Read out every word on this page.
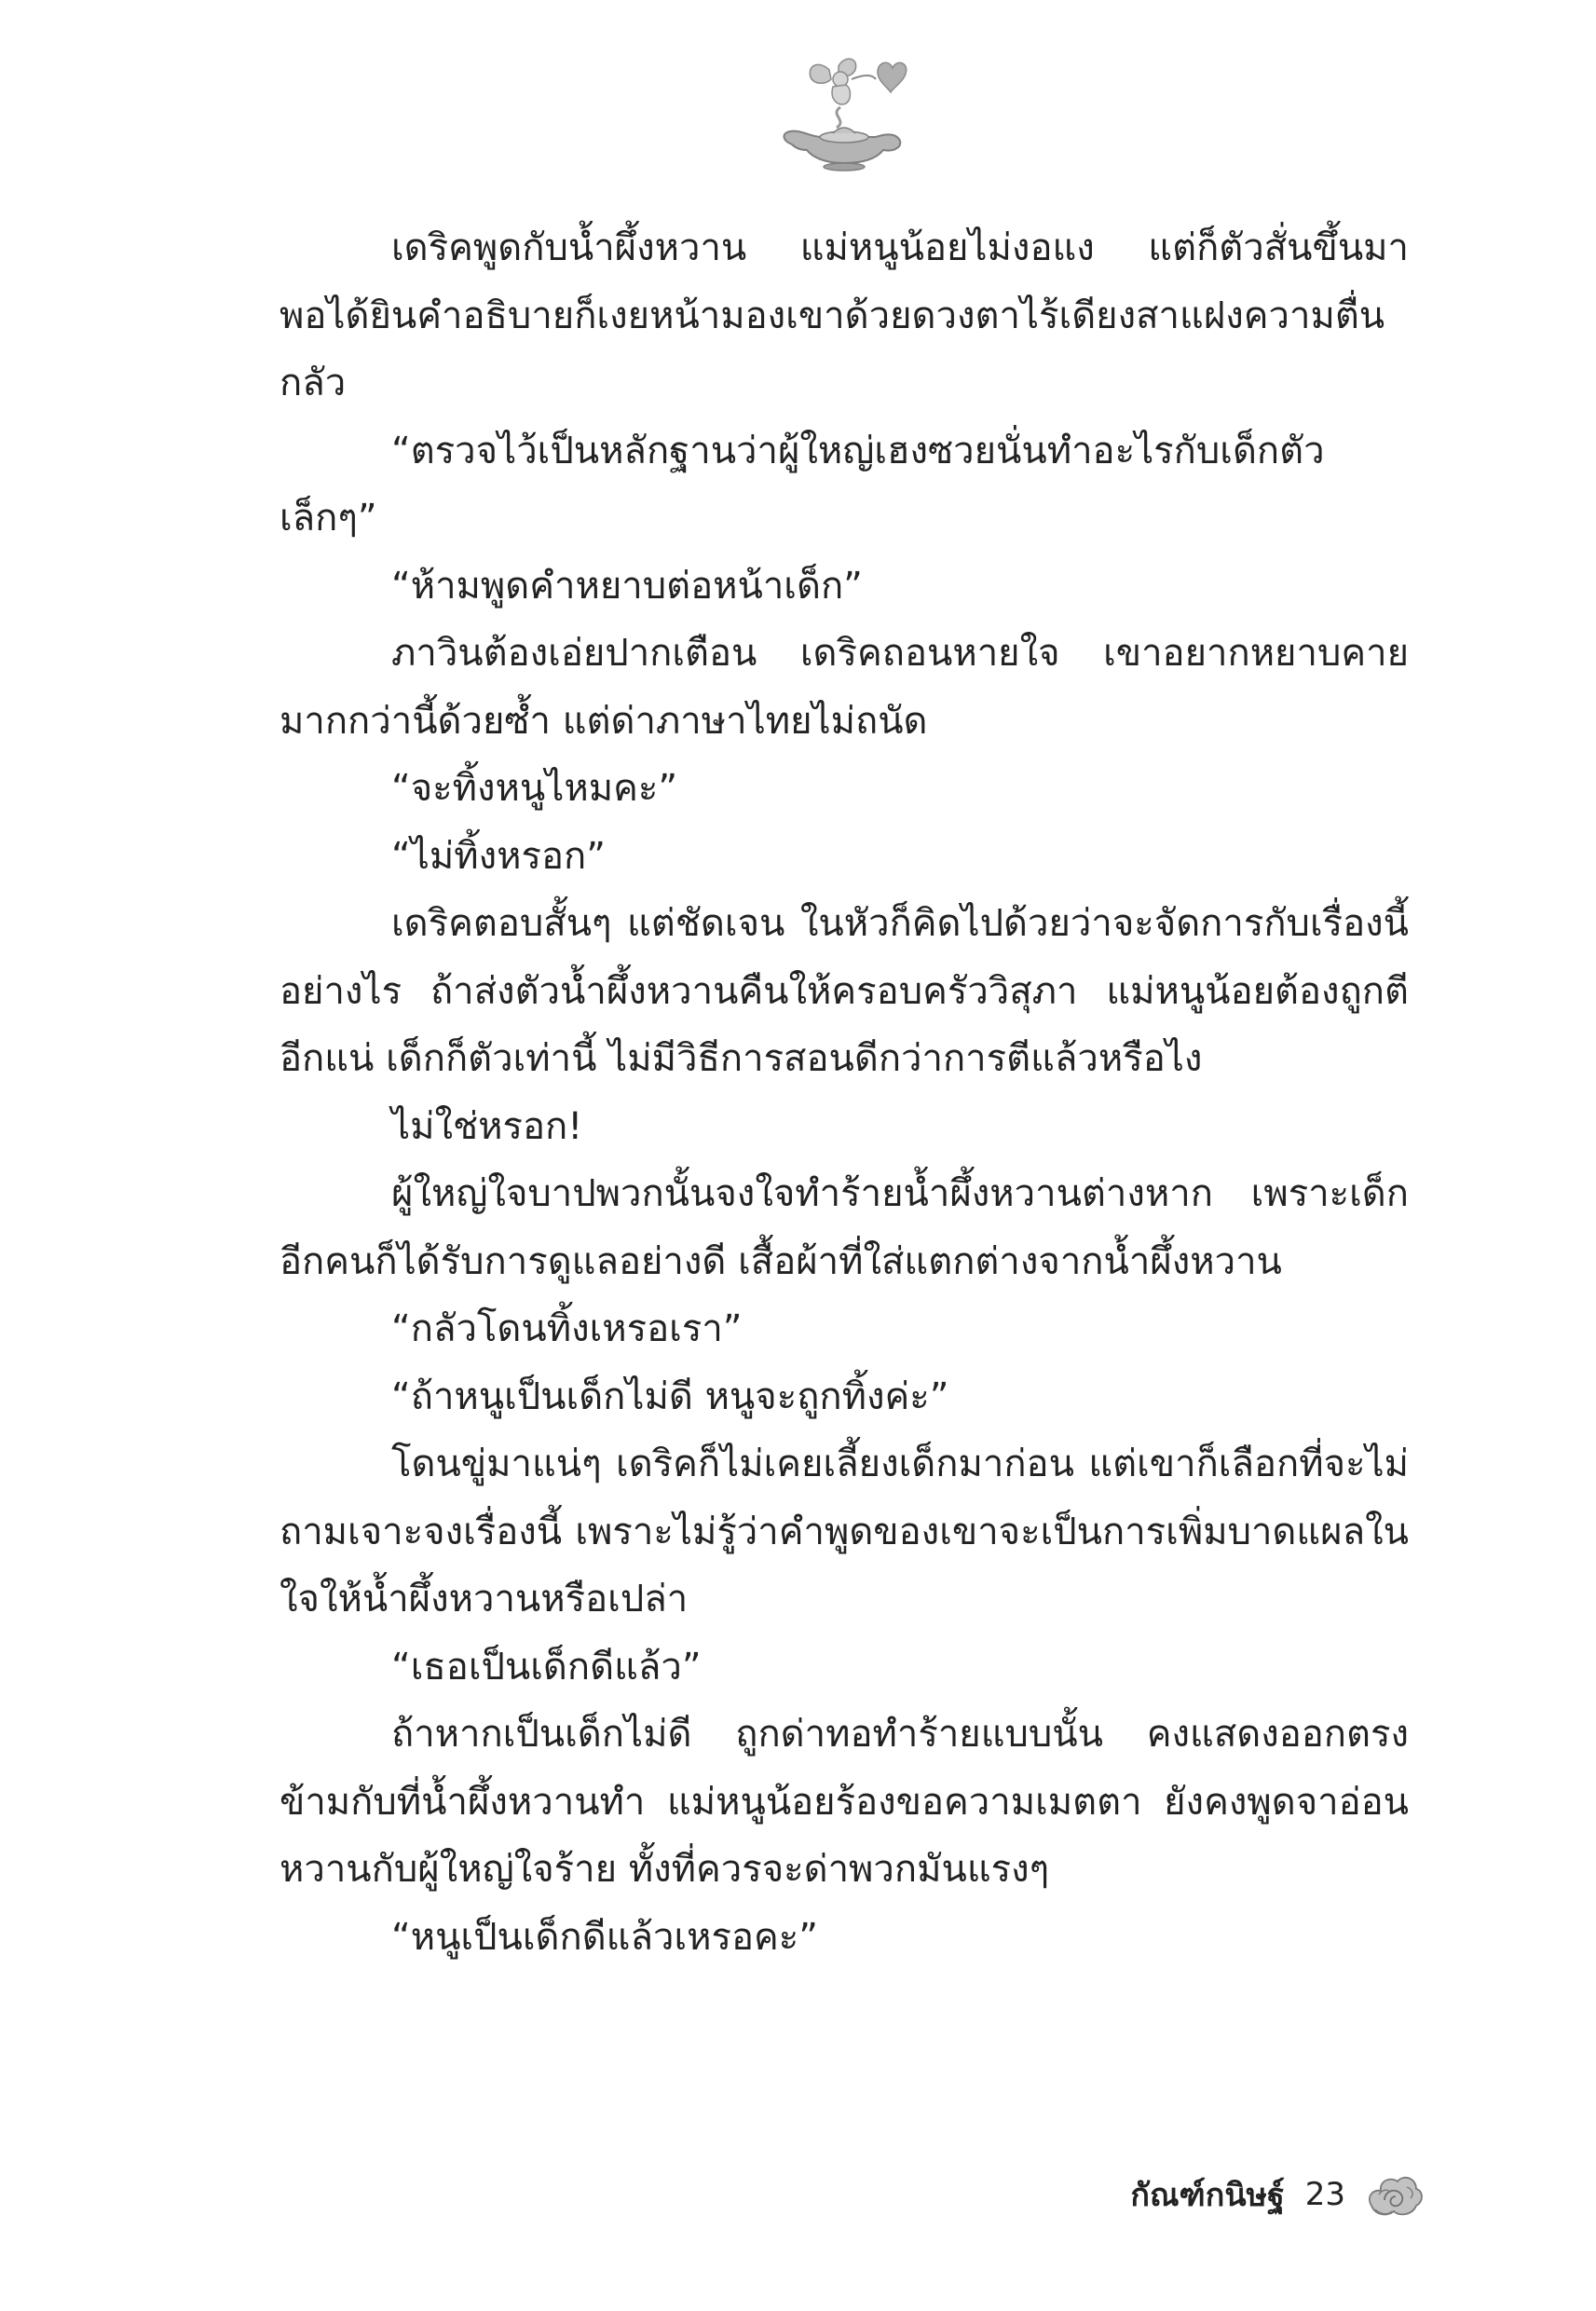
เดริคพูดกับน้ำผึ้งหวาน แม่หนูน้อยไม่งอแง แต่ก็ตัวสั่นขึ้นมาพอได้ยินคำอธิบายก็เงยหน้ามองเขาด้วยดวงตาไร้เดียงสาแฝงความตื่นกลัว

“ตรวจไว้เป็นหลักฐานว่าผู้ใหญ่เฮงซวยนั่นทำอะไรกับเด็กตัวเล็กๆ”

“ห้ามพูดคำหยาบต่อหน้าเด็ก”

ภาวินต้องเอ่ยปากเตือน เดริคถอนหายใจ เขาอยากหยาบคายมากกว่านี้ด้วยซ้ำ แต่ด่าภาษาไทยไม่ถนัด

“จะทิ้งหนูไหมคะ”

“ไม่ทิ้งหรอก”

เดริคตอบสั้นๆ แต่ชัดเจน ในหัวก็คิดไปด้วยว่าจะจัดการกับเรื่องนี้อย่างไร ถ้าส่งตัวน้ำผึ้งหวานคืนให้ครอบครัววิสุภา แม่หนูน้อยต้องถูกตีอีกแน่ เด็กก็ตัวเท่านี้ ไม่มีวิธีการสอนดีกว่าการตีแล้วหรือไง

ไม่ใช่หรอก!

ผู้ใหญ่ใจบาปพวกนั้นจงใจทำร้ายน้ำผึ้งหวานต่างหาก เพราะเด็กอีกคนก็ได้รับการดูแลอย่างดี เสื้อผ้าที่ใส่แตกต่างจากน้ำผึ้งหวาน

“กลัวโดนทิ้งเหรอเรา”

“ถ้าหนูเป็นเด็กไม่ดี หนูจะถูกทิ้งค่ะ”

โดนขู่มาแน่ๆ เดริคก็ไม่เคยเลี้ยงเด็กมาก่อน แต่เขาก็เลือกที่จะไม่ถามเจาะจงเรื่องนี้ เพราะไม่รู้ว่าคำพูดของเขาจะเป็นการเพิ่มบาดแผลในใจให้น้ำผึ้งหวานหรือเปล่า

“เธอเป็นเด็กดีแล้ว”

ถ้าหากเป็นเด็กไม่ดี ถูกด่าทอทำร้ายแบบนั้น คงแสดงออกตรงข้ามกับที่น้ำผึ้งหวานทำ แม่หนูน้อยร้องขอความเมตตา ยังคงพูดจาอ่อนหวานกับผู้ใหญ่ใจร้าย ทั้งที่ควรจะด่าพวกมันแรงๆ

“หนูเป็นเด็กดีแล้วเหรอคะ”

กัณฑ์กนิษฐ์ 23
